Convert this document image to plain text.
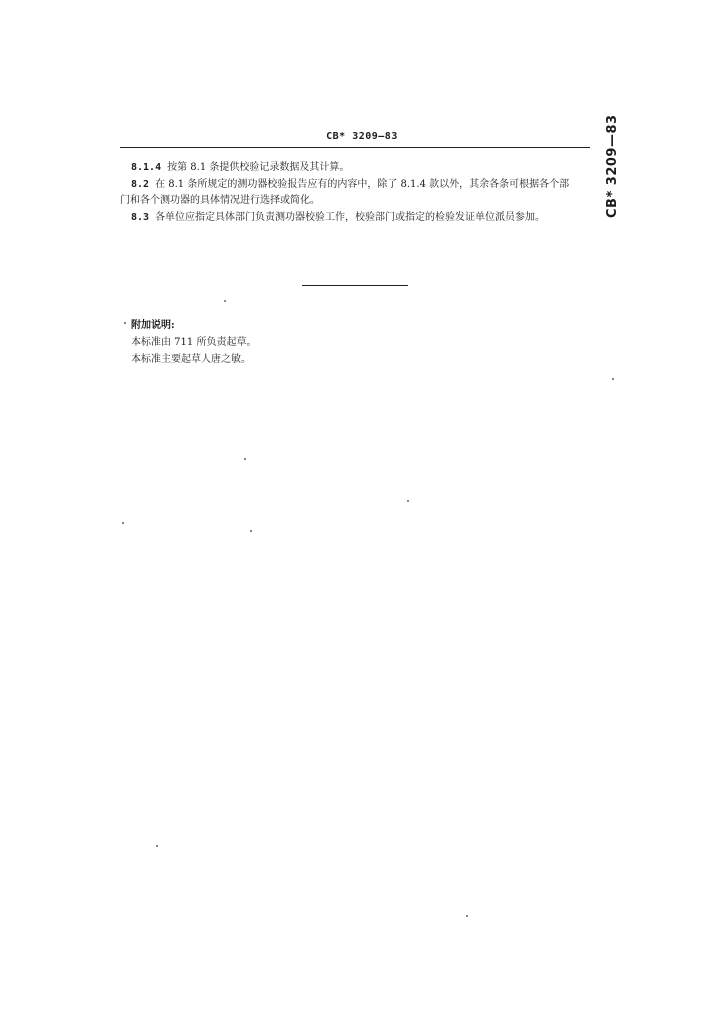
CB* 3209—83	CB* 3209—83
8.1.4 按第 8.1 条提供校验记录数据及其计算。
8.2 在 8.1 条所规定的测功器校验报告应有的内容中，除了 8.1.4 款以外，其余各条可根据各个部
门和各个测功器的具体情况进行选择或简化。
8.3 各单位应指定具体部门负责测功器校验工作，校验部门或指定的检验发证单位派员参加。
附加说明:
本标准由 711 所负责起草。
本标准主要起草人唐之敏。
